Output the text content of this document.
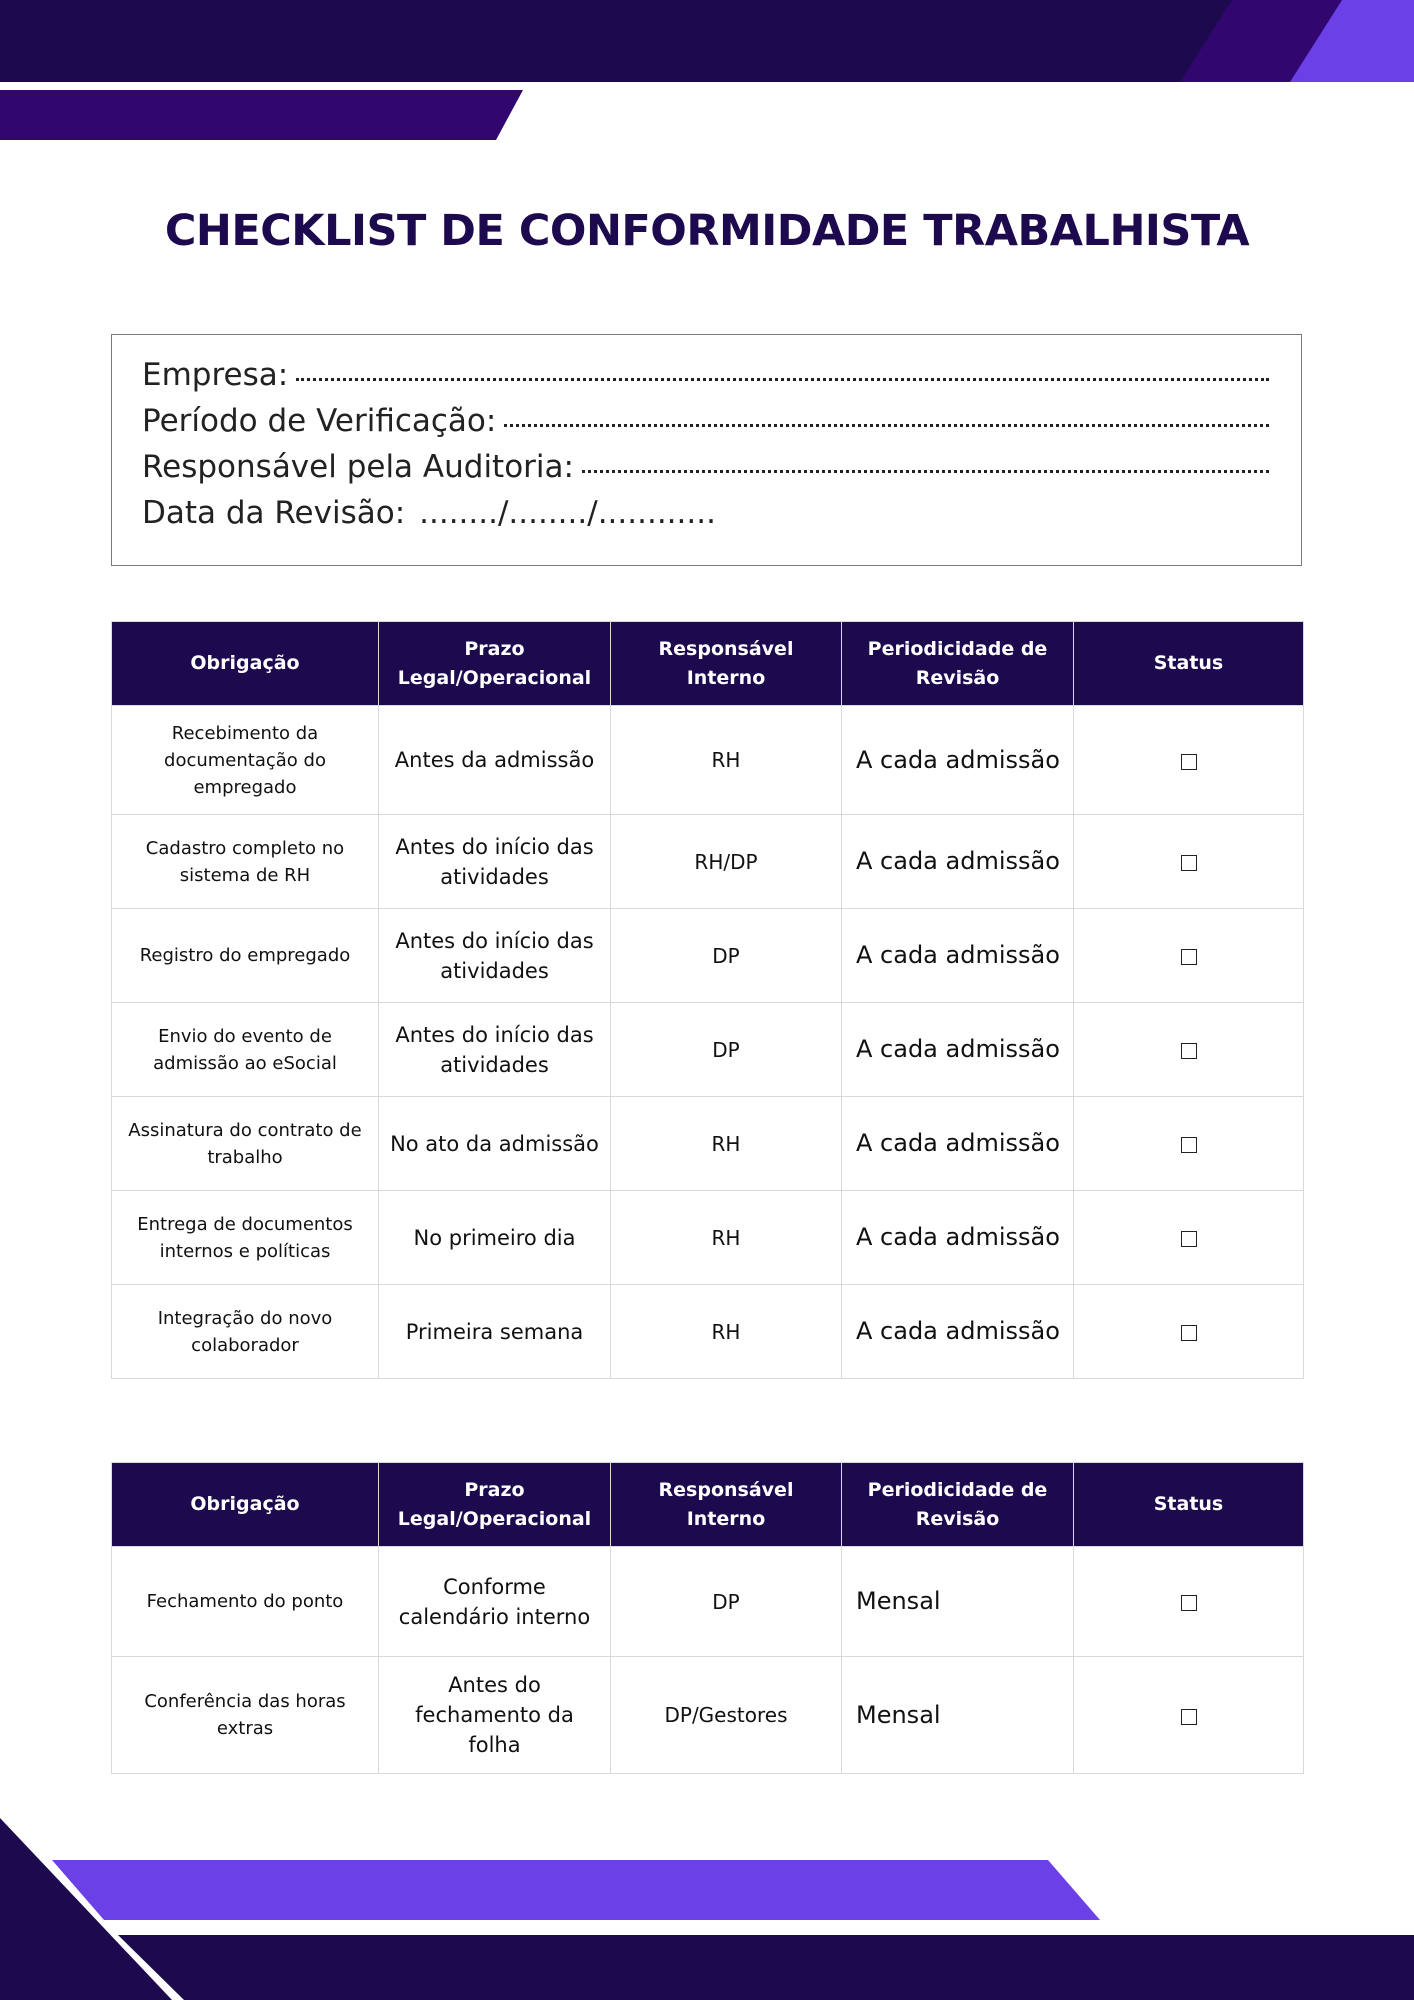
CHECKLIST DE CONFORMIDADE TRABALHISTA
Empresa:
Período de Verificação:
Responsável pela Auditoria:
Data da Revisão: ......../......../............
Obrigação	Prazo Legal/Operacional	Responsável Interno	Periodicidade de Revisão	Status
Recebimento da documentação do empregado	Antes da admissão	RH	A cada admissão	
Cadastro completo no sistema de RH	Antes do início das atividades	RH/DP	A cada admissão	
Registro do empregado	Antes do início das atividades	DP	A cada admissão	
Envio do evento de admissão ao eSocial	Antes do início das atividades	DP	A cada admissão	
Assinatura do contrato de trabalho	No ato da admissão	RH	A cada admissão	
Entrega de documentos internos e políticas	No primeiro dia	RH	A cada admissão	
Integração do novo colaborador	Primeira semana	RH	A cada admissão	
Obrigação	Prazo Legal/Operacional	Responsável Interno	Periodicidade de Revisão	Status
Fechamento do ponto	Conforme calendário interno	DP	Mensal	
Conferência das horas extras	Antes do fechamento da folha	DP/Gestores	Mensal	
